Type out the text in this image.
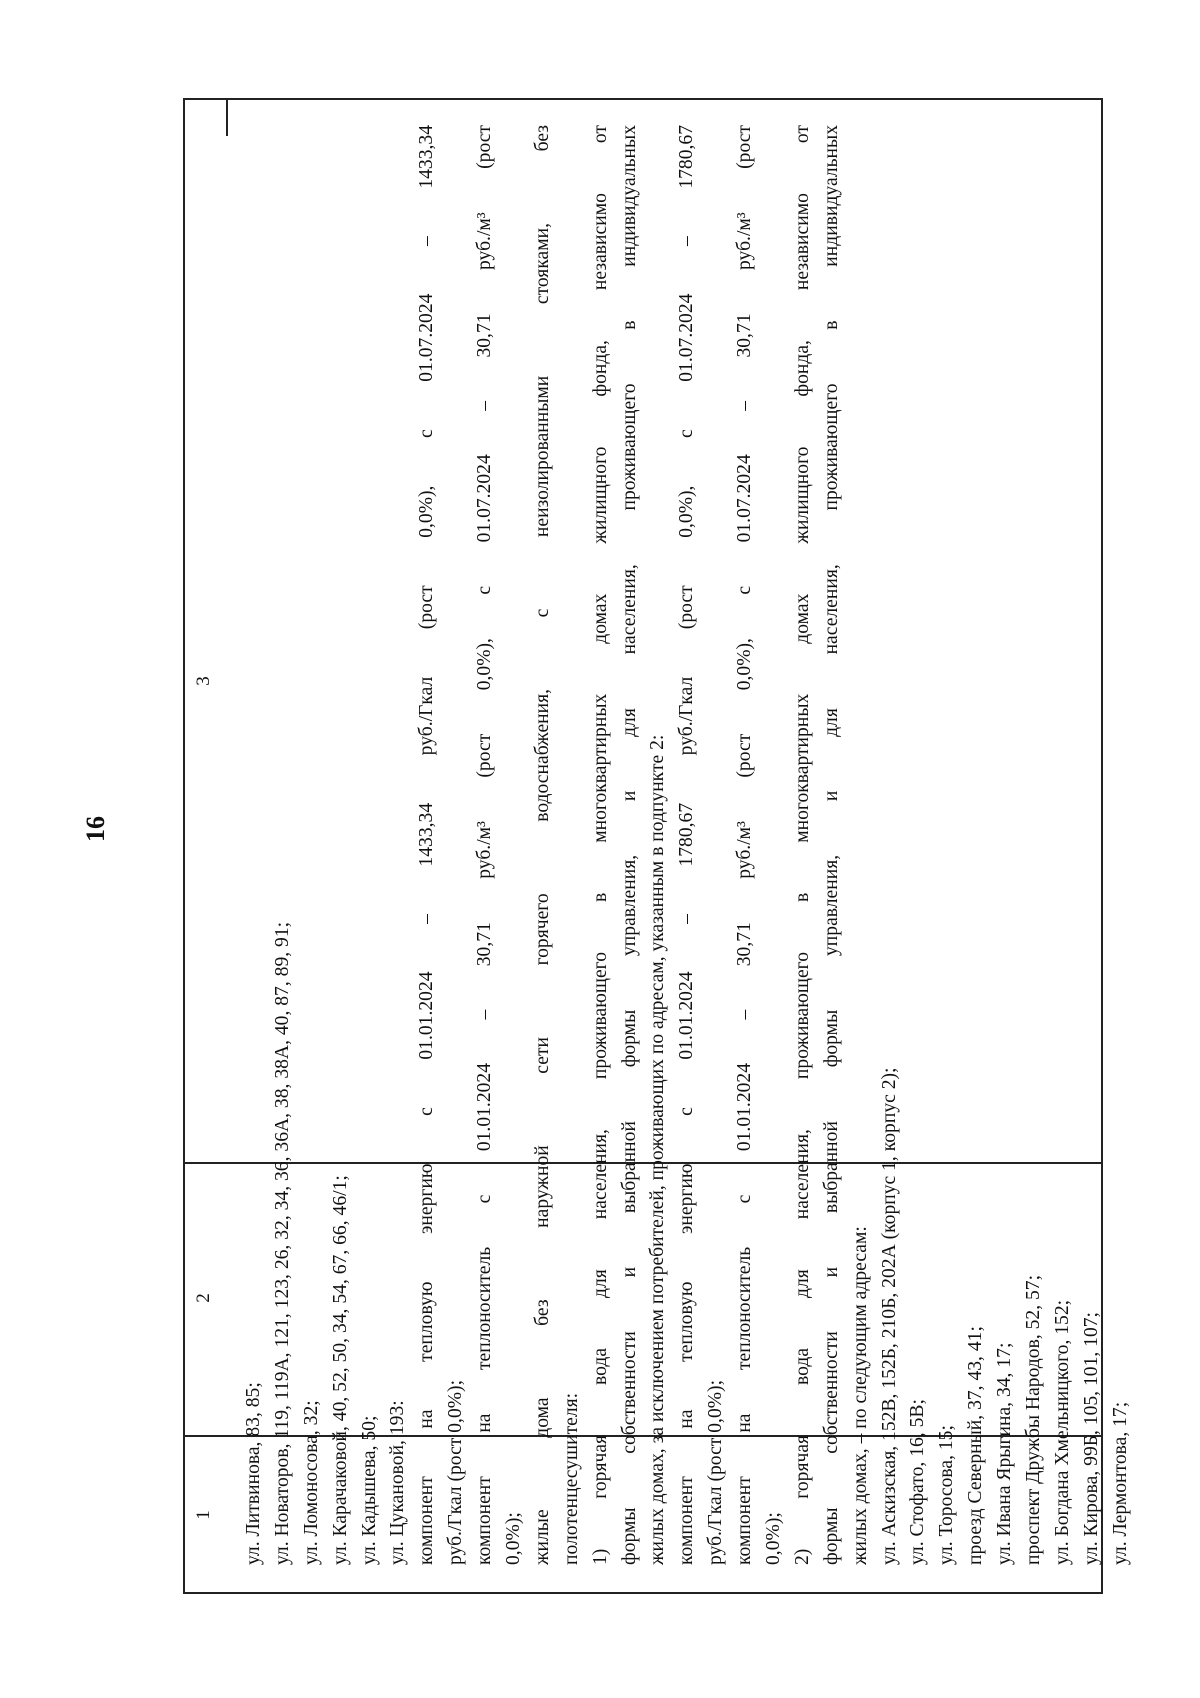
16
1
2
3
ул. Литвинова, 83, 85; ул. Новаторов, 119, 119А, 121, 123, 26, 32, 34, 36, 36А, 38, 38А, 40, 87, 89, 91; ул. Ломоносова, 32; ул. Карачаковой, 40, 52, 50, 34, 54, 67, 66, 46/1; ул. Кадышева, 50; ул. Цукановой, 193: компонент на тепловую энергию с 01.01.2024 – 1433,34 руб./Гкал (рост 0,0%), с 01.07.2024 – 1433,34 руб./Гкал (рост 0,0%); компонент на теплоноситель с 01.01.2024 – 30,71 руб./м³ (рост 0,0%), с 01.07.2024 – 30,71 руб./м³ (рост 0,0%); жилые дома без наружной сети горячего водоснабжения, с неизолированными стояками, без полотенцесушителя: 1) горячая вода для населения, проживающего в многоквартирных домах жилищного фонда, независимо от формы собственности и выбранной формы управления, и для населения, проживающего в индивидуальных жилых домах, за исключением потребителей, проживающих по адресам, указанным в подпункте 2: компонент на тепловую энергию с 01.01.2024 – 1780,67 руб./Гкал (рост 0,0%), с 01.07.2024 – 1780,67 руб./Гкал (рост 0,0%); компонент на теплоноситель с 01.01.2024 – 30,71 руб./м³ (рост 0,0%), с 01.07.2024 – 30,71 руб./м³ (рост 0,0%); 2) горячая вода для населения, проживающего в многоквартирных домах жилищного фонда, независимо от формы собственности и выбранной формы управления, и для населения, проживающего в индивидуальных жилых домах, – по следующим адресам: ул. Аскизская, 152В, 152Б, 210Б, 202А (корпус 1, корпус 2); ул. Стофато, 16, 5В; ул. Торосова, 15; проезд Северный, 37, 43, 41; ул. Ивана Ярыгина, 34, 17; проспект Дружбы Народов, 52, 57; ул. Богдана Хмельницкого, 152; ул. Кирова, 99Б, 105, 101, 107; ул. Лермонтова, 17;
